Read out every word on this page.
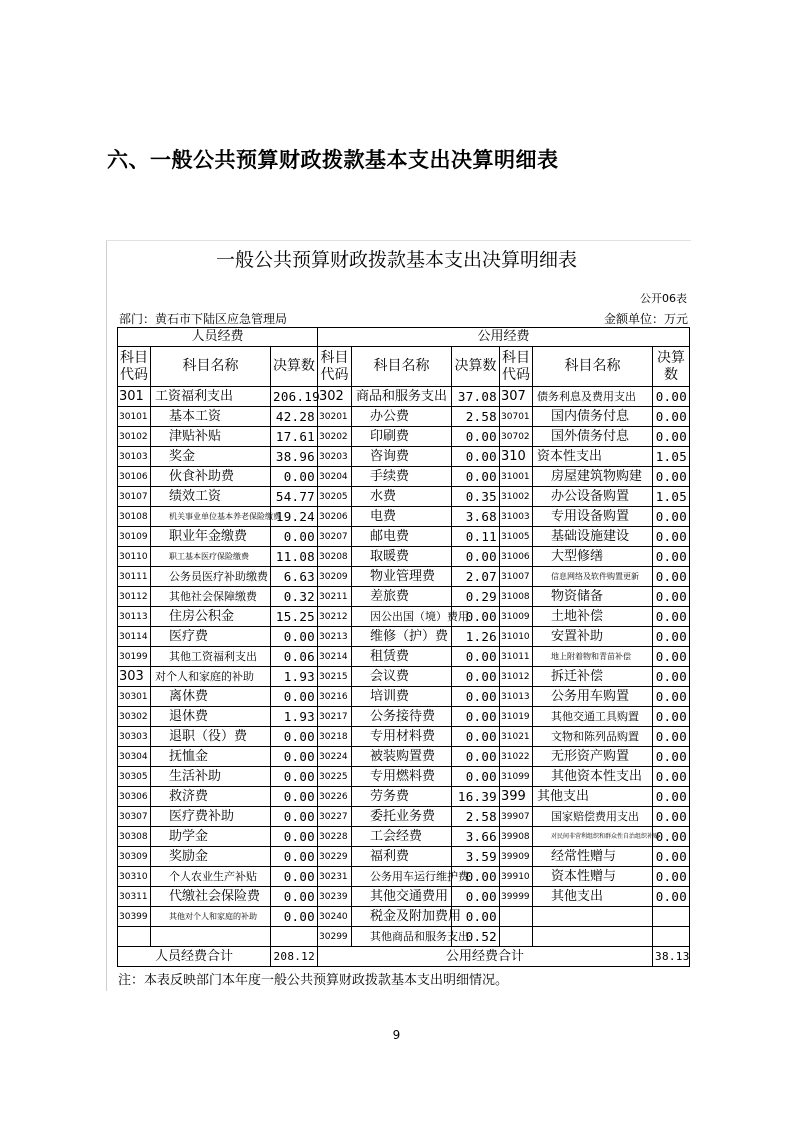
六、一般公共预算财政拨款基本支出决算明细表
一般公共预算财政拨款基本支出决算明细表
公开06表
部门：黄石市下陆区应急管理局	金额单位：万元
人员经费			公用经费					
科目代码	科目名称	决算数	科目代码	科目名称	决算数	科目代码	科目名称	决算数
301	工资福利支出	206.19	302	商品和服务支出	37.08	307	债务利息及费用支出	0.00
30101	基本工资	42.28	30201	办公费	2.58	30701	国内债务付息	0.00
30102	津贴补贴	17.61	30202	印刷费	0.00	30702	国外债务付息	0.00
30103	奖金	38.96	30203	咨询费	0.00	310	资本性支出	1.05
30106	伙食补助费	0.00	30204	手续费	0.00	31001	房屋建筑物购建	0.00
30107	绩效工资	54.77	30205	水费	0.35	31002	办公设备购置	1.05
30108	机关事业单位基本养老保险缴费	19.24	30206	电费	3.68	31003	专用设备购置	0.00
30109	职业年金缴费	0.00	30207	邮电费	0.11	31005	基础设施建设	0.00
30110	职工基本医疗保险缴费	11.08	30208	取暖费	0.00	31006	大型修缮	0.00
30111	公务员医疗补助缴费	6.63	30209	物业管理费	2.07	31007	信息网络及软件购置更新	0.00
30112	其他社会保障缴费	0.32	30211	差旅费	0.29	31008	物资储备	0.00
30113	住房公积金	15.25	30212	因公出国（境）费用	0.00	31009	土地补偿	0.00
30114	医疗费	0.00	30213	维修（护）费	1.26	31010	安置补助	0.00
30199	其他工资福利支出	0.06	30214	租赁费	0.00	31011	地上附着物和青苗补偿	0.00
303	对个人和家庭的补助	1.93	30215	会议费	0.00	31012	拆迁补偿	0.00
30301	离休费	0.00	30216	培训费	0.00	31013	公务用车购置	0.00
30302	退休费	1.93	30217	公务接待费	0.00	31019	其他交通工具购置	0.00
30303	退职（役）费	0.00	30218	专用材料费	0.00	31021	文物和陈列品购置	0.00
30304	抚恤金	0.00	30224	被装购置费	0.00	31022	无形资产购置	0.00
30305	生活补助	0.00	30225	专用燃料费	0.00	31099	其他资本性支出	0.00
30306	救济费	0.00	30226	劳务费	16.39	399	其他支出	0.00
30307	医疗费补助	0.00	30227	委托业务费	2.58	39907	国家赔偿费用支出	0.00
30308	助学金	0.00	30228	工会经费	3.66	39908	对民间非营利组织和群众性自治组织补贴	0.00
30309	奖励金	0.00	30229	福利费	3.59	39909	经常性赠与	0.00
30310	个人农业生产补贴	0.00	30231	公务用车运行维护费	0.00	39910	资本性赠与	0.00
30311	代缴社会保险费	0.00	30239	其他交通费用	0.00	39999	其他支出	0.00
30399	其他对个人和家庭的补助	0.00	30240	税金及附加费用	0.00			
			30299	其他商品和服务支出	0.52			
人员经费合计		208.12	公用经费合计					38.13
注：本表反映部门本年度一般公共预算财政拨款基本支出明细情况。
9
